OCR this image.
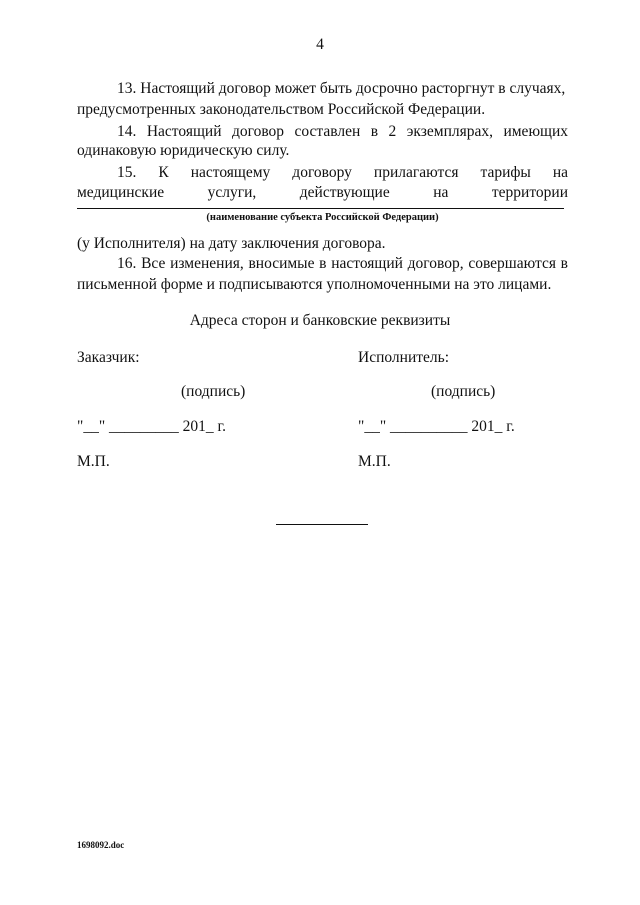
4
13. Настоящий договор может быть досрочно расторгнут в случаях,
предусмотренных законодательством Российской Федерации.
14. Настоящий договор составлен в 2 экземплярах, имеющих
одинаковую юридическую силу.
15. К настоящему договору прилагаются тарифы на
медицинские услуги, действующие на территории
(наименование субъекта Российской Федерации)
(у Исполнителя) на дату заключения договора.
16. Все изменения, вносимые в настоящий договор, совершаются в
письменной форме и подписываются уполномоченными на это лицами.
Адреса сторон и банковские реквизиты
Заказчик:
(подпись)
"__" _________ 201_ г.
М.П.
Исполнитель:
(подпись)
"__" __________ 201_ г.
М.П.
1698092.doc
